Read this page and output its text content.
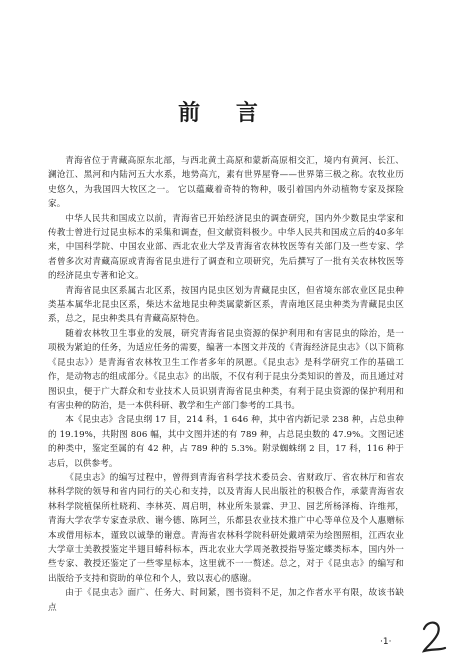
前 言

青海省位于青藏高原东北部，与西北黄土高原和蒙新高原相交汇，境内有黄河、长江、澜沧江、黑河和内陆河五大水系，地势高亢，素有世界屋脊——世界第三极之称。农牧业历史悠久，为我国四大牧区之一。 它以蕴藏着奇特的物种，吸引着国内外动植物专家及探险家。

中华人民共和国成立以前，青海省已开始经济昆虫的调查研究，国内外少数昆虫学家和传教士曾进行过昆虫标本的采集和调查，但文献资料极少。中华人民共和国成立后的40多年来，中国科学院、中国农业部、西北农业大学及青海省农林牧医等有关部门及一些专家、学者曾多次对青藏高原或青海省昆虫进行了调查和立项研究，先后撰写了一批有关农林牧医等的经济昆虫专著和论文。

青海省昆虫区系属古北区系，按国内昆虫区划为青藏昆虫区，但省境东部农业区昆虫种类基本属华北昆虫区系，柴达木盆地昆虫种类属蒙新区系，青南地区昆虫种类为青藏昆虫区系，总之，昆虫种类具有青藏高原特色。

随着农林牧卫生事业的发展，研究青海省昆虫资源的保护利用和有害昆虫的除治，是一项极为紧迫的任务，为适应任务的需要，编著一本图文并茂的《青海经济昆虫志》（以下简称《昆虫志》）是青海省农林牧卫生工作者多年的夙愿。《昆虫志》是科学研究工作的基础工作，是动物志的组成部分。《昆虫志》的出版，不仅有利于昆虫分类知识的普及，而且通过对图识虫，便于广大群众和专业技术人员识别青海省昆虫种类，有利于昆虫资源的保护利用和有害虫种的防治，是一本供科研、教学和生产部门参考的工具书。

本《昆虫志》含昆虫纲 17 目，214 科，1 646 种，其中省内新记录 238 种，占总虫种的 19.19%，共附图 806 幅，其中文图并述的有 789 种，占总昆虫数的 47.9%。文图记述的种类中，鉴定至属的有 42 种，占 789 种的 5.3%。附录蜘蛛纲 2 目，17 科，116 种于志后，以供参考。

《昆虫志》的编写过程中，曾得到青海省科学技术委员会、省财政厅、省农林厅和省农林科学院的领导和省内同行的关心和支持，以及青海人民出版社的积极合作，承蒙青海省农林科学院植保所杜晓莉、李林英、周启明，林业所朱景霖、尹卫、园艺所杨泽梅、许维邦，青海大学农学专家查录欣、谢今德、陈阿兰，乐都县农业技术推广中心等单位及个人惠赠标本或借用标本，谨致以诚挚的谢意。青海省农林科学院科研处戴靖荣为绘图照相，江西农业大学章士美教授鉴定半翅目蝽科标本，西北农业大学周尧教授指导鉴定蝶类标本，国内外一些专家、教授还鉴定了一些零星标本，这里就不一一赘述。总之，对于《昆虫志》的编写和出版给予支持和资助的单位和个人，致以衷心的感谢。

由于《昆虫志》面广、任务大、时间紧，图书资料不足，加之作者水平有限，故该书缺点

·1·
